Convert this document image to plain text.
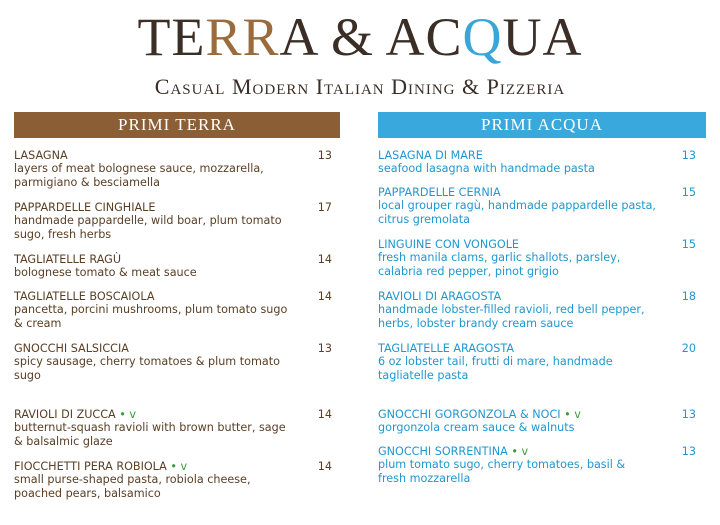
TERRA & ACQUA
Casual Modern Italian Dining & Pizzeria
PRIMI TERRA	PRIMI ACQUA
LASAGNA	13
layers of meat bolognese sauce, mozzarella, parmigiano & besciamella
PAPPARDELLE CINGHIALE	17
handmade pappardelle, wild boar, plum tomato sugo, fresh herbs
TAGLIATELLE RAGÙ	14
bolognese tomato & meat sauce
TAGLIATELLE BOSCAIOLA	14
pancetta, porcini mushrooms, plum tomato sugo & cream
GNOCCHI SALSICCIA	13
spicy sausage, cherry tomatoes & plum tomato sugo
RAVIOLI DI ZUCCA • v	14
butternut-squash ravioli with brown butter, sage & balsalmic glaze
FIOCCHETTI PERA ROBIOLA • v	14
small purse-shaped pasta, robiola cheese, poached pears, balsamico
LASAGNA DI MARE	13
seafood lasagna with handmade pasta
PAPPARDELLE CERNIA	15
local grouper ragù, handmade pappardelle pasta, citrus gremolata
LINGUINE CON VONGOLE	15
fresh manila clams, garlic shallots, parsley, calabria red pepper, pinot grigio
RAVIOLI DI ARAGOSTA	18
handmade lobster-filled ravioli, red bell pepper, herbs, lobster brandy cream sauce
TAGLIATELLE ARAGOSTA	20
6 oz lobster tail, frutti di mare, handmade tagliatelle pasta
GNOCCHI GORGONZOLA & NOCI • v	13
gorgonzola cream sauce & walnuts
GNOCCHI SORRENTINA • v	13
plum tomato sugo, cherry tomatoes, basil & fresh mozzarella
